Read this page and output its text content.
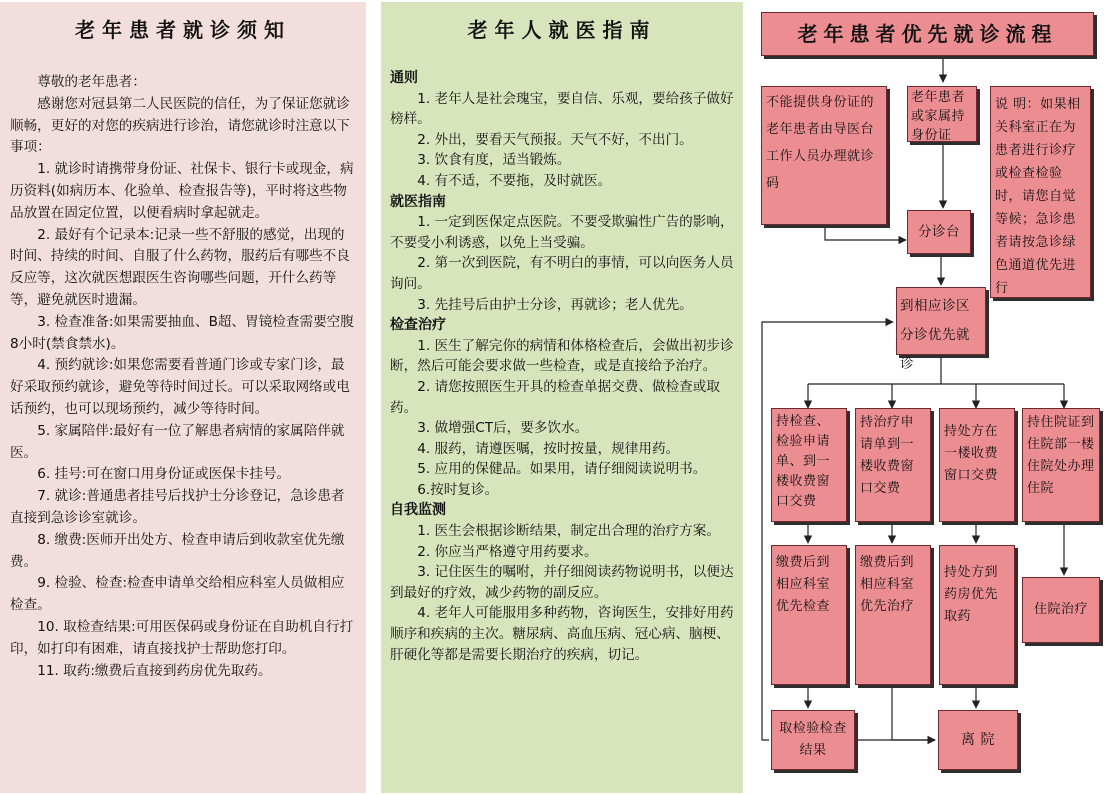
老年患者就诊须知

尊敬的老年患者：

感谢您对冠县第二人民医院的信任，为了保证您就诊顺畅，更好的对您的疾病进行诊治，请您就诊时注意以下事项：

1. 就诊时请携带身份证、社保卡、银行卡或现金，病历资料(如病历本、化验单、检查报告等)，平时将这些物品放置在固定位置，以便看病时拿起就走。

2. 最好有个记录本:记录一些不舒服的感觉，出现的时间、持续的时间、自服了什么药物，服药后有哪些不良反应等，这次就医想跟医生咨询哪些问题，开什么药等等，避免就医时遗漏。

3. 检查准备:如果需要抽血、B超、胃镜检查需要空腹8小时(禁食禁水)。

4. 预约就诊:如果您需要看普通门诊或专家门诊，最好采取预约就诊，避免等待时间过长。可以采取网络或电话预约，也可以现场预约，减少等待时间。

5. 家属陪伴:最好有一位了解患者病情的家属陪伴就医。

6. 挂号:可在窗口用身份证或医保卡挂号。

7. 就诊:普通患者挂号后找护士分诊登记，急诊患者直接到急诊诊室就诊。

8. 缴费:医师开出处方、检查申请后到收款室优先缴费。

9. 检验、检查:检查申请单交给相应科室人员做相应检查。

10. 取检查结果:可用医保码或身份证在自助机自行打印，如打印有困难，请直接找护士帮助您打印。

11. 取药:缴费后直接到药房优先取药。

老年人就医指南

通则

1. 老年人是社会瑰宝，要自信、乐观，要给孩子做好榜样。

2. 外出，要看天气预报。天气不好，不出门。

3. 饮食有度，适当锻炼。

4. 有不适，不要拖，及时就医。

就医指南

1. 一定到医保定点医院。不要受欺骗性广告的影响，不要受小利诱惑，以免上当受骗。

2. 第一次到医院，有不明白的事情，可以向医务人员询问。

3. 先挂号后由护士分诊，再就诊；老人优先。

检查治疗

1. 医生了解完你的病情和体格检查后，会做出初步诊断，然后可能会要求做一些检查，或是直接给予治疗。

2. 请您按照医生开具的检查单据交费、做检查或取药。

3. 做增强CT后，要多饮水。

4. 服药，请遵医嘱，按时按量，规律用药。

5. 应用的保健品。如果用，请仔细阅读说明书。

6.按时复诊。

自我监测

1. 医生会根据诊断结果，制定出合理的治疗方案。

2. 你应当严格遵守用药要求。

3. 记住医生的嘱咐，并仔细阅读药物说明书，以便达到最好的疗效，减少药物的副反应。

4. 老年人可能服用多种药物，咨询医生，安排好用药顺序和疾病的主次。糖尿病、高血压病、冠心病、脑梗、肝硬化等都是需要长期治疗的疾病，切记。

老年患者优先就诊流程
不能提供身份证的老年患者由导医台工作人员办理就诊码
老年患者或家属持身份证
说 明：如果相关科室正在为患者进行诊疗或检查检验时，请您自觉等候；急诊患者请按急诊绿色通道优先进行
分诊台
到相应诊区分诊优先就诊
持检查、检验申请单、到一楼收费窗口交费
持治疗申请单到一楼收费窗口交费
持处方在一楼收费窗口交费
持住院证到住院部一楼住院处办理住院
缴费后到相应科室优先检查
缴费后到相应科室优先治疗
持处方到药房优先取药	住院治疗
取检验检查结果
离 院
